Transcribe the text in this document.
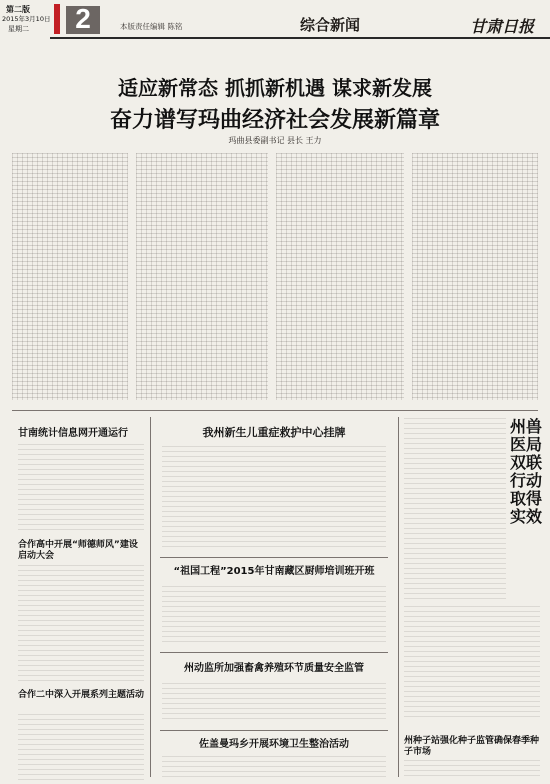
第二版
2015年3月10日
星期二 2	本版责任编辑 陈铭	综合新闻	甘肃日报
适应新常态 抓抓新机遇 谋求新发展
奋力谱写玛曲经济社会发展新篇章
玛曲县委副书记 县长 王力
甘南统计信息网开通运行
合作高中开展“师德师风”建设启动大会
合作二中深入开展系列主题活动
我州新生儿重症救护中心挂牌
“祖国工程”2015年甘南藏区厨师培训班开班
州动监所加强畜禽养殖环节质量安全监管
佐盖曼玛乡开展环境卫生整治活动
州兽医局双联行动取得实效
州种子站强化种子监管确保春季种子市场
